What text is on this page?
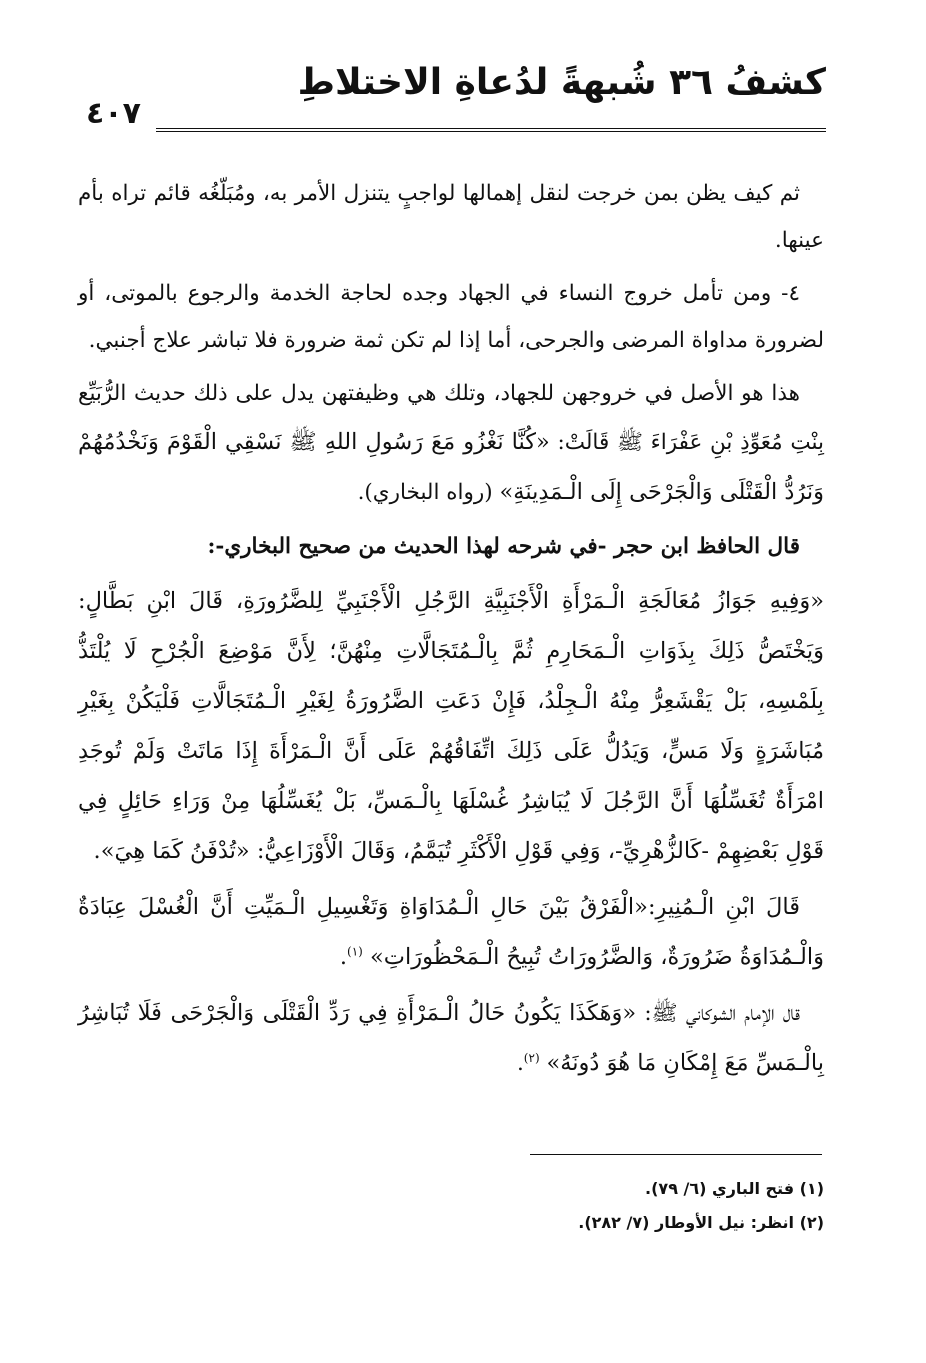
٤٠٧
كشفُ ٣٦ شُبهةً لدُعاةِ الاختلاطِ

ثم كيف يظن بمن خرجت لنقل إهمالها لواجبٍ يتنزل الأمر به، ومُبَلّغُه قائم تراه بأم عينها.

٤- ومن تأمل خروج النساء في الجهاد وجده لحاجة الخدمة والرجوع بالموتى، أو لضرورة مداواة المرضى والجرحى، أما إذا لم تكن ثمة ضرورة فلا تباشر علاج أجنبي.

هذا هو الأصل في خروجهن للجهاد، وتلك هي وظيفتهن يدل على ذلك حديث الرُّبَيِّع بِنْتِ مُعَوِّذِ بْنِ عَفْرَاءَ ﷺ قَالَتْ: «كُنَّا نَغْزُو مَعَ رَسُولِ اللهِ ﷺ نَسْقِي الْقَوْمَ وَنَخْدُمُهُمْ وَنَرُدُّ الْقَتْلَى وَالْجَرْحَى إِلَى الْـمَدِينَةِ» (رواه البخاري).

قال الحافظ ابن حجر -في شرحه لهذا الحديث من صحيح البخاري-:

«وَفِيهِ جَوَازُ مُعَالَجَةِ الْـمَرْأَةِ الْأَجْنَبِيَّةِ الرَّجُلِ الْأَجْنَبِيِّ لِلضَّرُورَةِ، قَالَ ابْنِ بَطَّالٍ: وَيَخْتَصُّ ذَلِكَ بِذَوَاتِ الْـمَحَارِمِ ثُمَّ بِالْـمُتَجَالَّاتِ مِنْهُنَّ؛ لِأَنَّ مَوْضِعَ الْجُرْحِ لَا يُلْتَذُّ بِلَمْسِهِ، بَلْ يَقْشَعِرُّ مِنْهُ الْـجِلْدُ، فَإِنْ دَعَتِ الضَّرُورَةُ لِغَيْرِ الْـمُتَجَالَّاتِ فَلْيَكُنْ بِغَيْرِ مُبَاشَرَةٍ وَلَا مَسٍّ، وَيَدُلُّ عَلَى ذَلِكَ اتِّفَاقُهُمْ عَلَى أَنَّ الْـمَرْأَةَ إِذَا مَاتَتْ وَلَمْ تُوجَدِ امْرَأَةٌ تُغَسِّلُهَا أَنَّ الرَّجُلَ لَا يُبَاشِرُ غُسْلَهَا بِالْـمَسِّ، بَلْ يُغَسِّلُهَا مِنْ وَرَاءِ حَائِلٍ فِي قَوْلِ بَعْضِهِمْ -كَالزُّهْرِيِّ-، وَفِي قَوْلِ الْأَكْثَرِ تُيَمَّمُ، وَقَالَ الْأَوْزَاعِيُّ: «تُدْفَنُ كَمَا هِيَ».

قَالَ ابْنِ الْـمُنِيرِ:«الْفَرْقُ بَيْنَ حَالِ الْـمُدَاوَاةِ وَتَغْسِيلِ الْـمَيِّتِ أَنَّ الْغُسْلَ عِبَادَةٌ وَالْـمُدَاوَةُ ضَرُورَةٌ، وَالضَّرُورَاتُ تُبِيحُ الْـمَحْظُورَاتِ» $^{(١)}$.

قال الإمام الشوكاني ﷺ: «وَهَكَذَا يَكُونُ حَالُ الْـمَرْأَةِ فِي رَدِّ الْقَتْلَى وَالْجَرْحَى فَلَا تُبَاشِرُ بِالْـمَسِّ مَعَ إِمْكَانِ مَا هُوَ دُونَهُ» $^{(٢)}$.

(١) فتح الباري (٦/ ٧٩).
(٢) انظر: نيل الأوطار (٧/ ٢٨٢).
